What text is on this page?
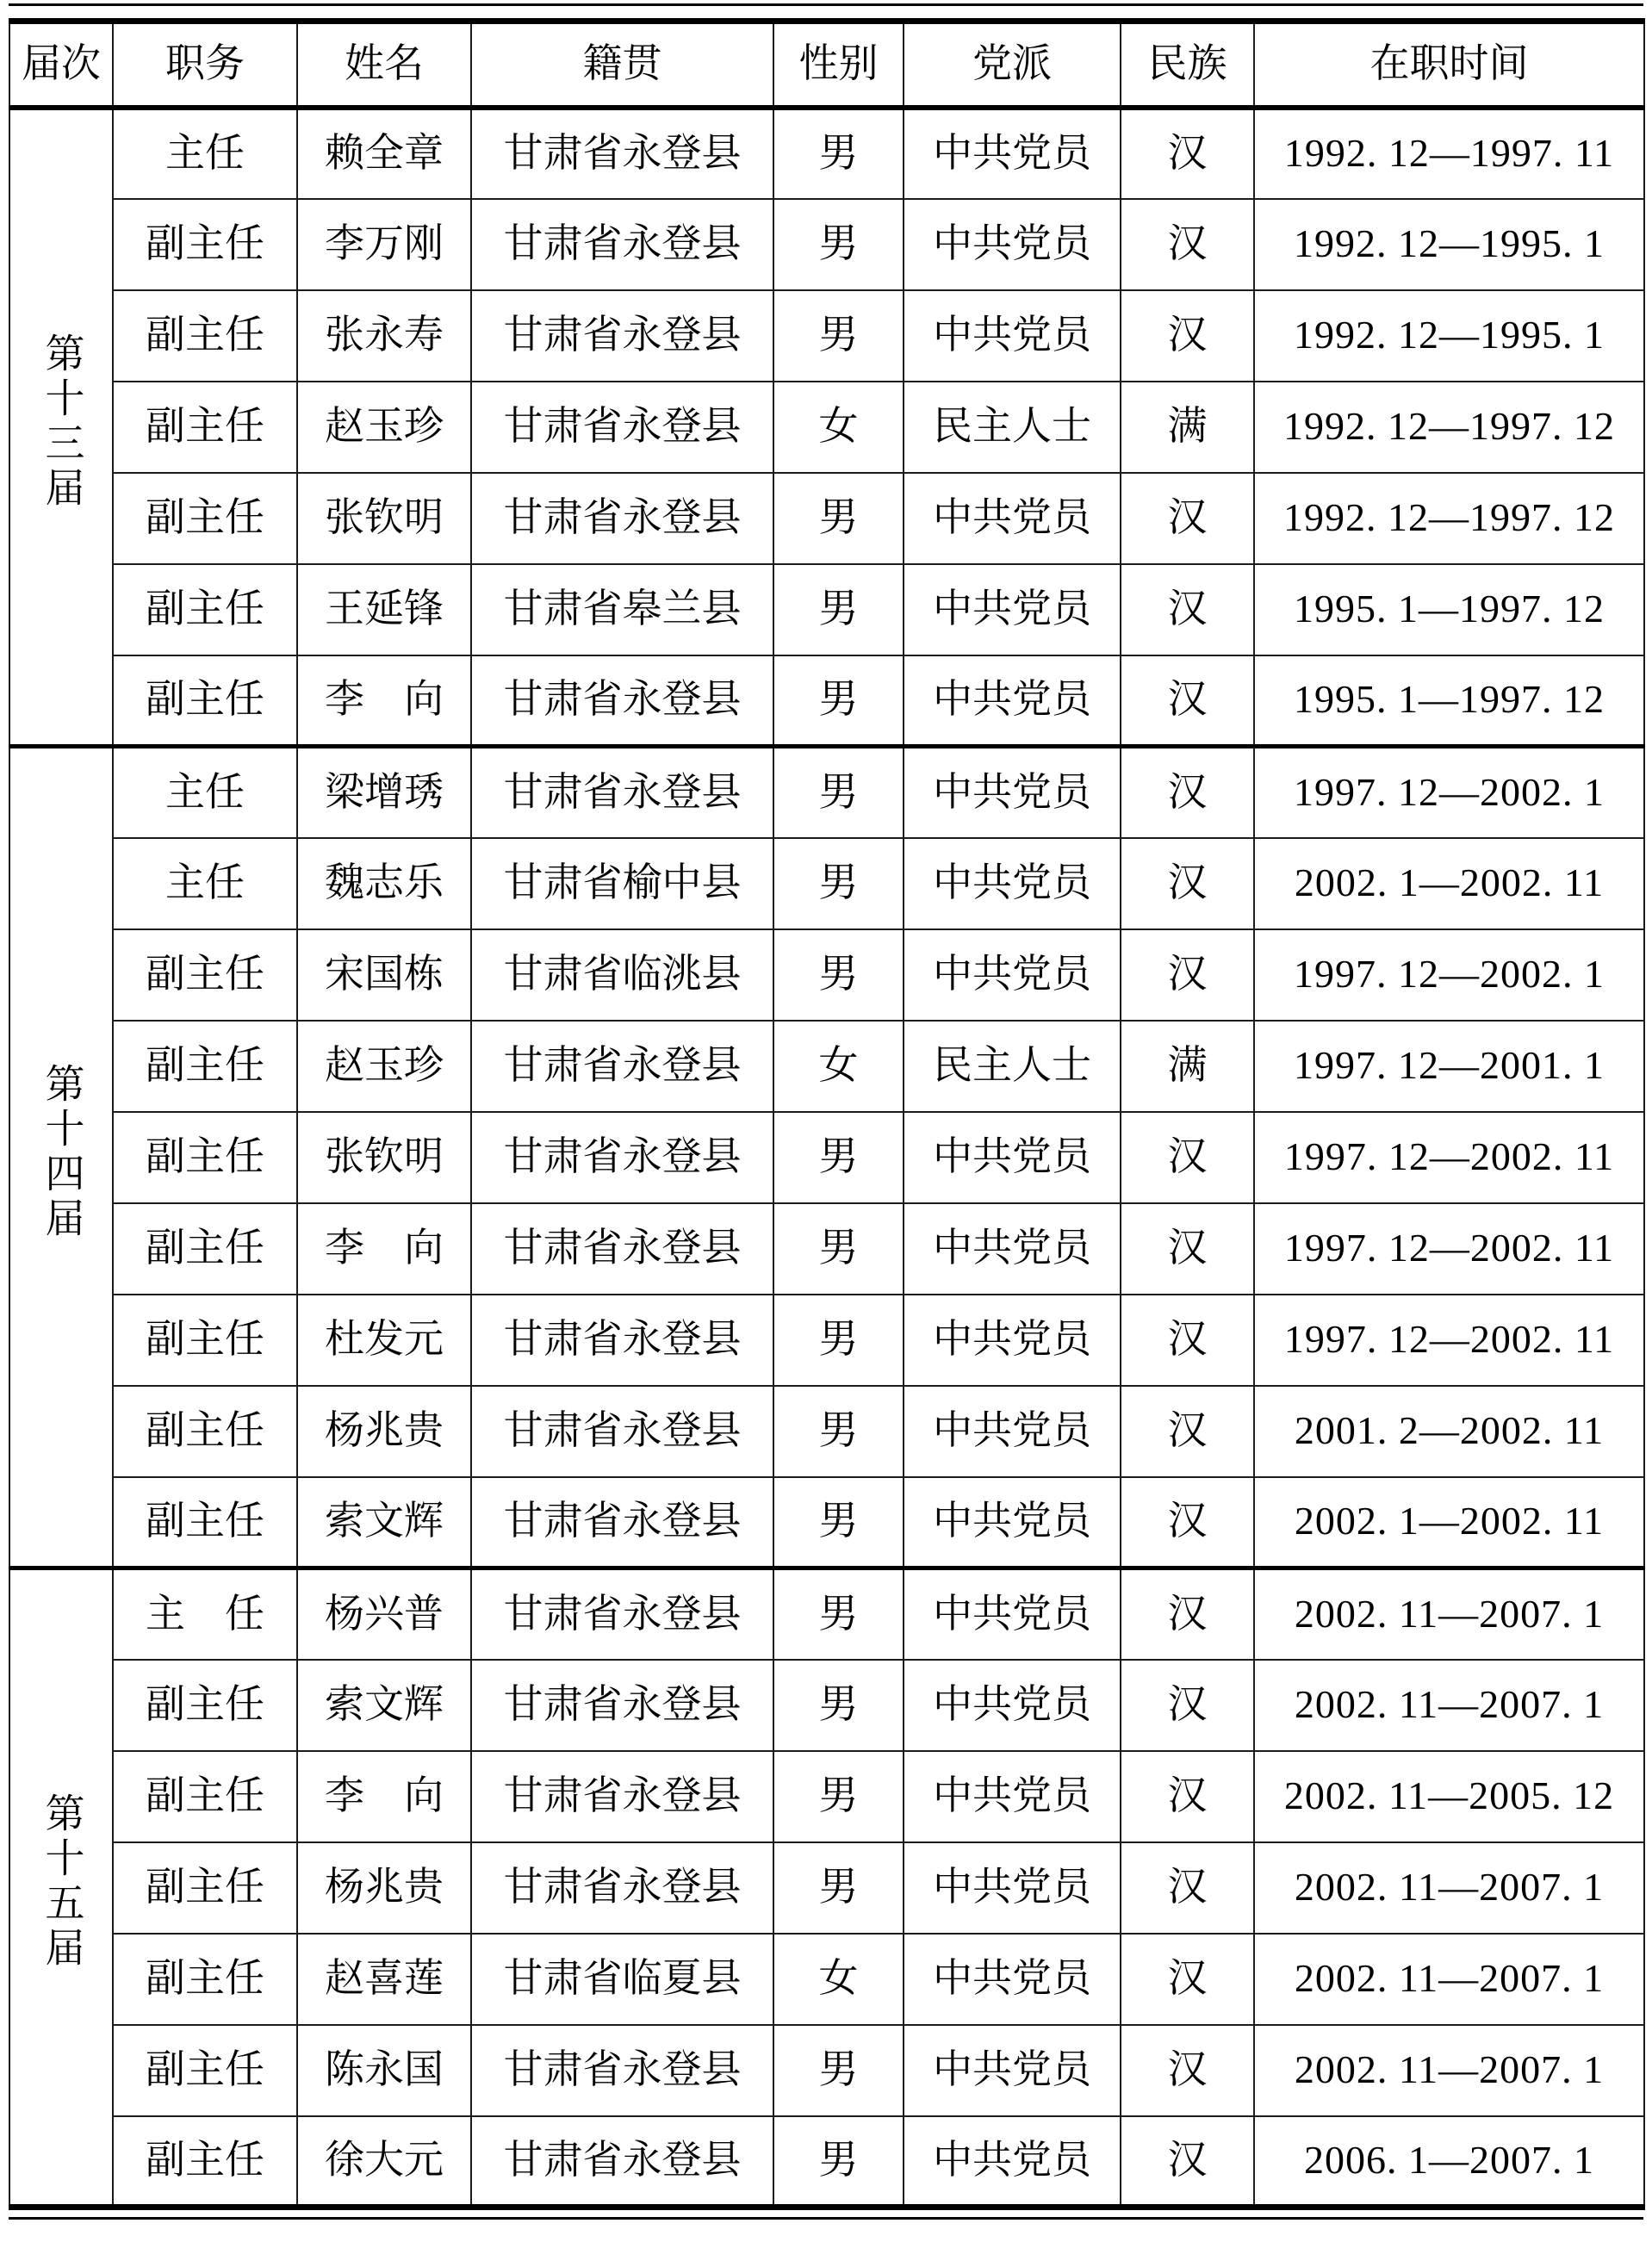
届次	职务	姓名	籍贯	性别	党派	民族	在职时间
第十三届	主任	赖全章	甘肃省永登县	男	中共党员	汉	1992. 12—1997. 11
	副主任	李万刚	甘肃省永登县	男	中共党员	汉	1992. 12—1995. 1
	副主任	张永寿	甘肃省永登县	男	中共党员	汉	1992. 12—1995. 1
	副主任	赵玉珍	甘肃省永登县	女	民主人士	满	1992. 12—1997. 12
	副主任	张钦明	甘肃省永登县	男	中共党员	汉	1992. 12—1997. 12
	副主任	王延锋	甘肃省皋兰县	男	中共党员	汉	1995. 1—1997. 12
	副主任	李　向	甘肃省永登县	男	中共党员	汉	1995. 1—1997. 12
第十四届	主任	梁增琇	甘肃省永登县	男	中共党员	汉	1997. 12—2002. 1
	主任	魏志乐	甘肃省榆中县	男	中共党员	汉	2002. 1—2002. 11
	副主任	宋国栋	甘肃省临洮县	男	中共党员	汉	1997. 12—2002. 1
	副主任	赵玉珍	甘肃省永登县	女	民主人士	满	1997. 12—2001. 1
	副主任	张钦明	甘肃省永登县	男	中共党员	汉	1997. 12—2002. 11
	副主任	李　向	甘肃省永登县	男	中共党员	汉	1997. 12—2002. 11
	副主任	杜发元	甘肃省永登县	男	中共党员	汉	1997. 12—2002. 11
	副主任	杨兆贵	甘肃省永登县	男	中共党员	汉	2001. 2—2002. 11
	副主任	索文辉	甘肃省永登县	男	中共党员	汉	2002. 1—2002. 11
第十五届	主　任	杨兴普	甘肃省永登县	男	中共党员	汉	2002. 11—2007. 1
	副主任	索文辉	甘肃省永登县	男	中共党员	汉	2002. 11—2007. 1
	副主任	李　向	甘肃省永登县	男	中共党员	汉	2002. 11—2005. 12
	副主任	杨兆贵	甘肃省永登县	男	中共党员	汉	2002. 11—2007. 1
	副主任	赵喜莲	甘肃省临夏县	女	中共党员	汉	2002. 11—2007. 1
	副主任	陈永国	甘肃省永登县	男	中共党员	汉	2002. 11—2007. 1
	副主任	徐大元	甘肃省永登县	男	中共党员	汉	2006. 1—2007. 1
